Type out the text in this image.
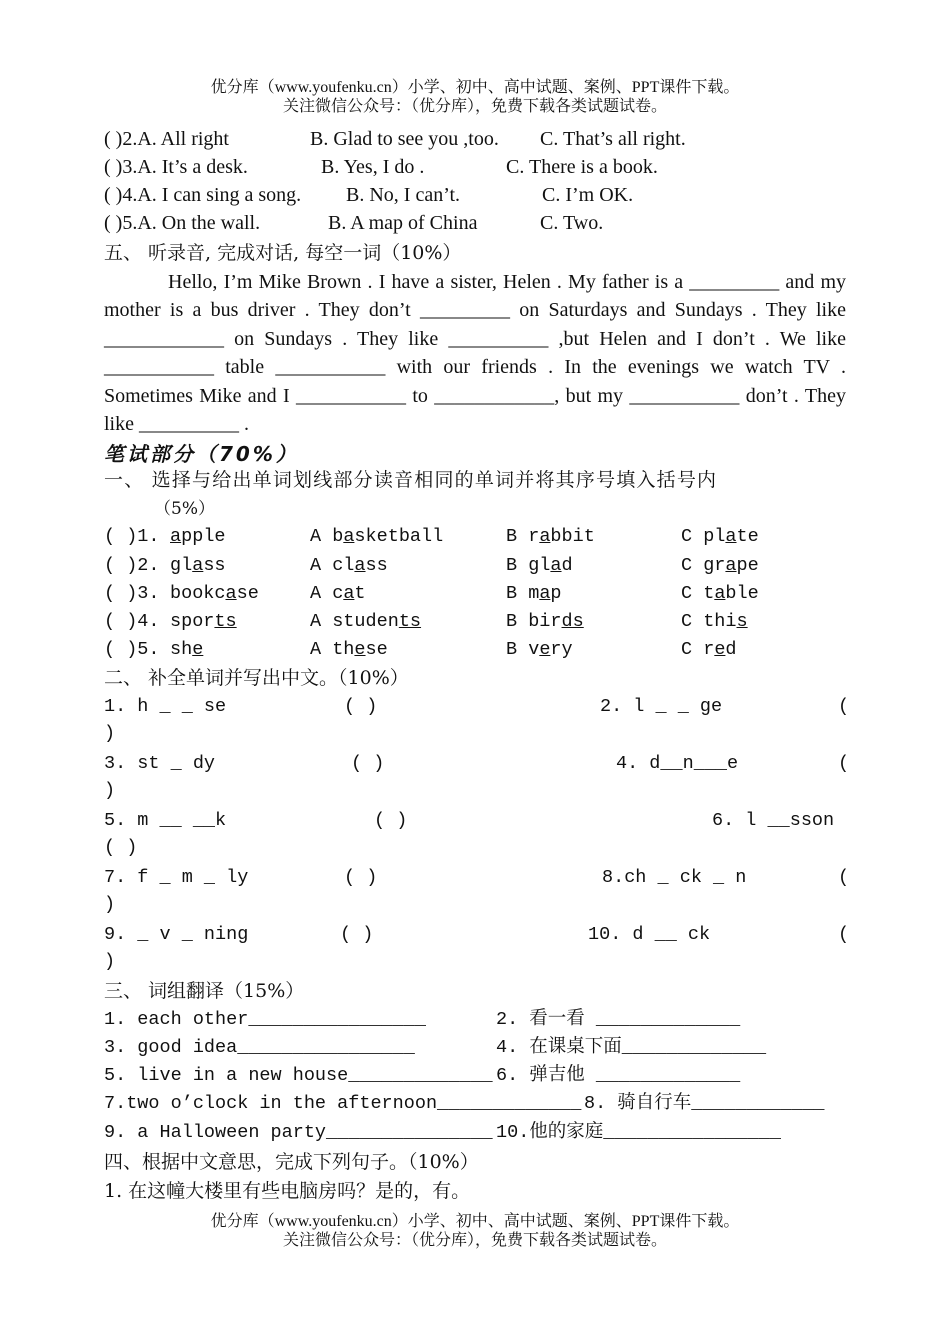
优分库（www.youfenku.cn）小学、初中、高中试题、案例、PPT课件下载。
关注微信公众号：（优分库），免费下载各类试题试卷。
( )2.A. All right	B. Glad to see you ,too. C. That’s all right.
( )3.A. It’s a desk.	B. Yes, I do .	C. There is a book.
( )4.A. I can sing a song. B. No, I can’t.	C. I’m OK.
( )5.A. On the wall.	B. A map of China	C. Two.
五、 听录音, 完成对话, 每空一词（10%）
Hello, I’m Mike Brown . I have a sister, Helen . My father is a _________ and my mother is a bus driver . They don’t _________ on Saturdays and Sundays . They like ____________ on Sundays . They like __________ ,but Helen and I don’t . We like ___________ table ___________ with our friends . In the evenings we watch TV . Sometimes Mike and I ___________ to ____________, but my ___________ don’t . They like __________ .
笔试部分（70%）
一、 选择与给出单词划线部分读音相同的单词并将其序号填入括号内
（5%）
( )1. apple	A basketball	B rabbit	C plate
( )2. glass	A class	B glad	C grape
( )3. bookcase	A cat	B map	C table
( )4. sports	A students	B birds	C this
( )5. she	A these	B very	C red
二、 补全单词并写出中文。（10%）
1. h _ _ se	( )	2. l _ _ ge	(
)
3. st _ dy	( )	4. d__n___e	(
)
5. m __ __k	( )	6. l __sson
( )
7. f _ m _ ly	( )	8.ch _ ck _ n	(
)
9. _ v _ ning	( )	10. d __ ck	(
)
三、 词组翻译（15%）
1. each other________________	2. 看一看 _____________
3. good idea________________	4. 在课桌下面_____________
5. live in a new house_____________ 6. 弹吉他 _____________
7.two o’clock in the afternoon_____________ 8. 骑自行车____________
9. a Halloween party_______________ 10.他的家庭________________
四、根据中文意思，完成下列句子。（10%）
1. 在这幢大楼里有些电脑房吗？是的，有。
优分库（www.youfenku.cn）小学、初中、高中试题、案例、PPT课件下载。
关注微信公众号：（优分库），免费下载各类试题试卷。
